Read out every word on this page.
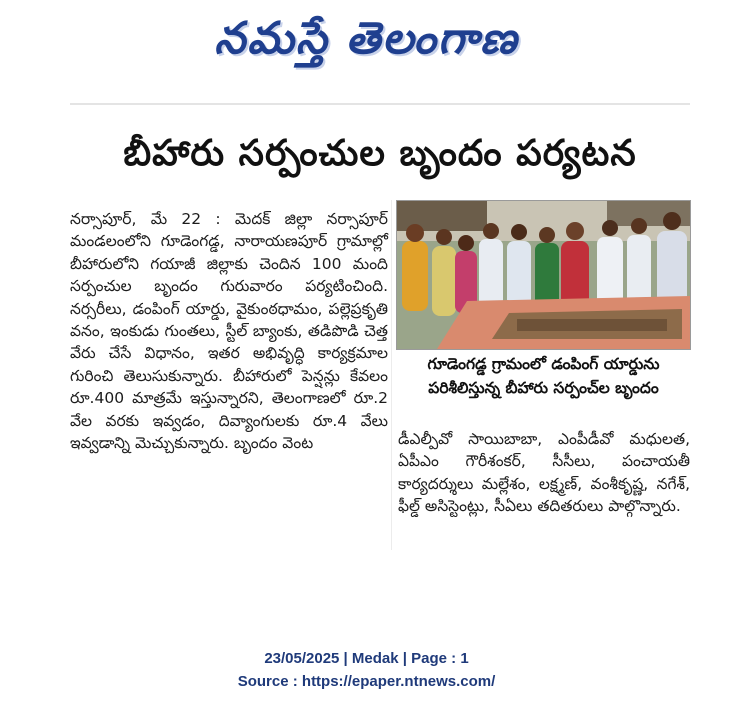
నమస్తే తెలంగాణ
బీహారు సర్పంచుల బృందం పర్యటన
నర్సాపూర్, మే 22 : మెదక్ జిల్లా నర్సాపూర్ మండలంలోని గూడెంగడ్డ, నారాయణపూర్ గ్రామాల్లో బీహారులోని గయాజీ జిల్లాకు చెందిన 100 మంది సర్పంచుల బృందం గురువారం పర్యటించింది. నర్సరీలు, డంపింగ్ యార్డు, వైకుంఠధామం, పల్లెప్రకృతి వనం, ఇంకుడు గుంతలు, స్టీల్ బ్యాంకు, తడిపొడి చెత్త వేరు చేసే విధానం, ఇతర అభివృద్ధి కార్యక్రమాల గురించి తెలుసుకున్నారు. బీహారులో పెన్షన్లు కేవలం రూ.400 మాత్రమే ఇస్తున్నారని, తెలంగాణలో రూ.2 వేల వరకు ఇవ్వడం, దివ్యాంగులకు రూ.4 వేలు ఇవ్వడాన్ని మెచ్చుకున్నారు. బృందం వెంట
గూడెంగడ్డ గ్రామంలో డంపింగ్ యార్డును
పరిశీలిస్తున్న బీహారు సర్పంచ్‌ల బృందం
డీఎల్పీవో సాయిబాబా, ఎంపీడీవో మధులత, ఏపీఎం గౌరీశంకర్, సీసీలు, పంచాయతీ కార్యదర్శులు మల్లేశం, లక్ష్మణ్, వంశీకృష్ణ, నగేశ్, ఫీల్డ్ అసిస్టెంట్లు, సీఏలు తదితరులు పాల్గొన్నారు.
23/05/2025 | Medak | Page : 1
Source : https://epaper.ntnews.com/
